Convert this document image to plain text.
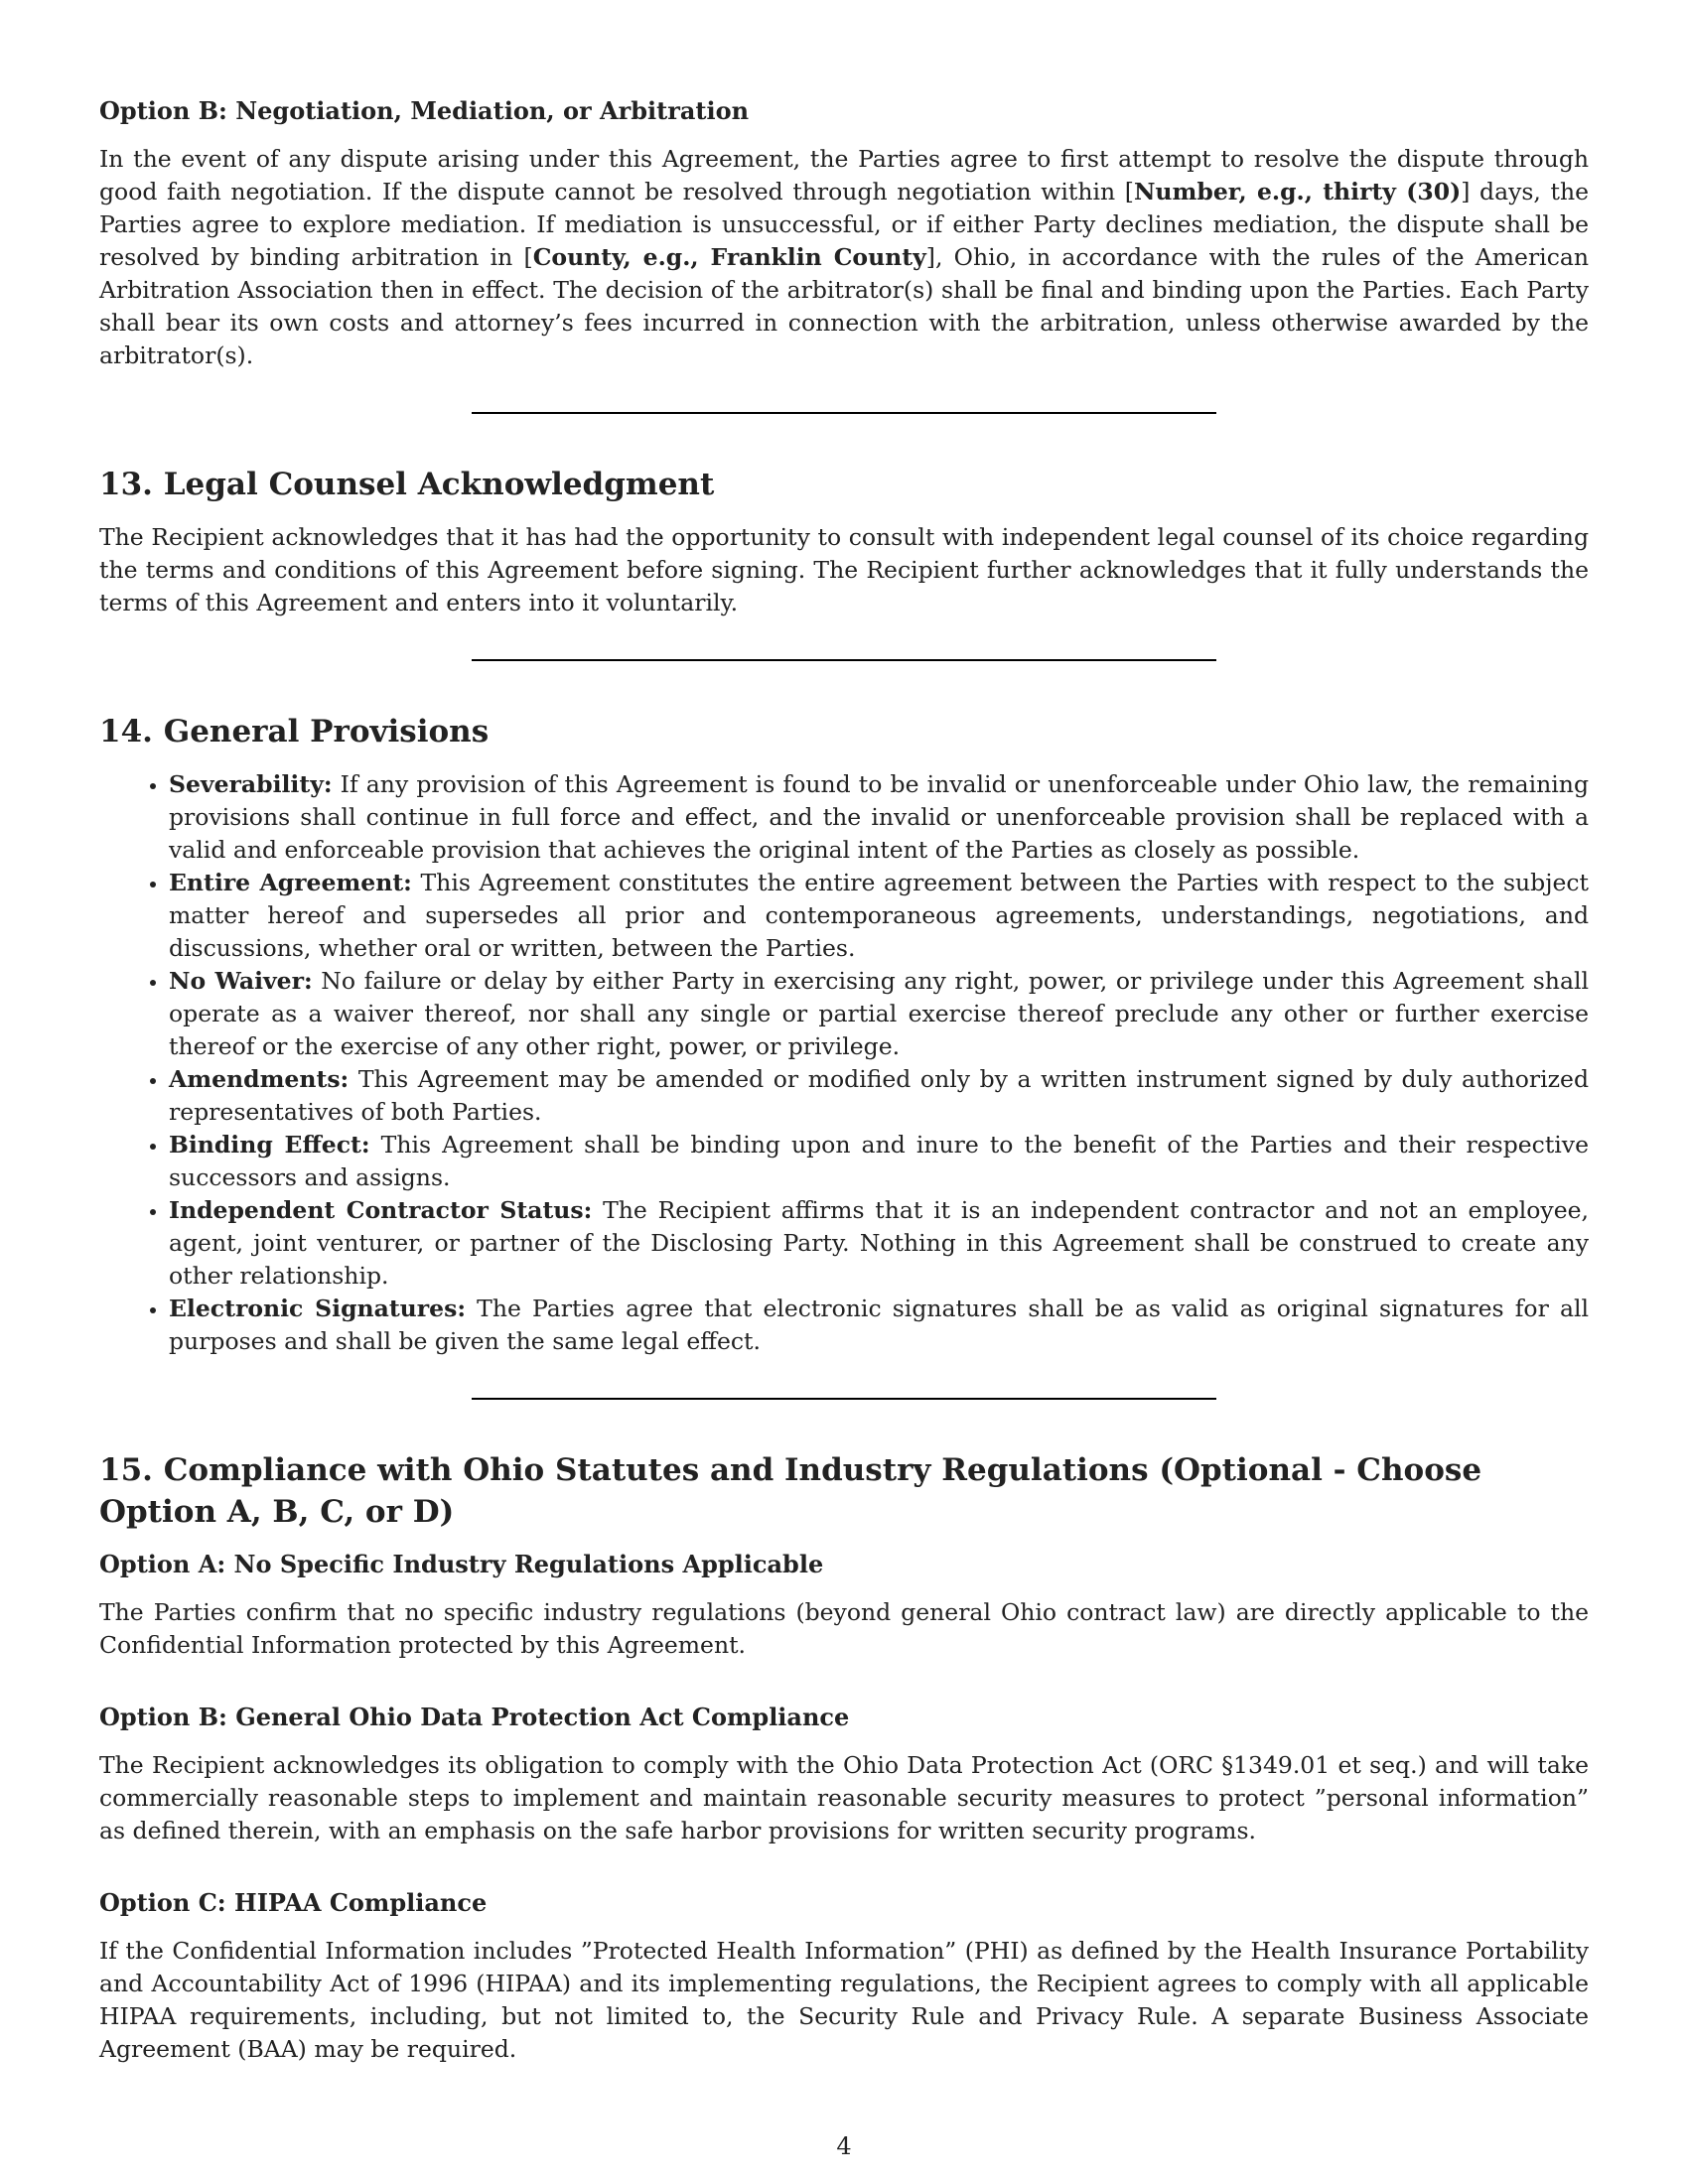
Option B: Negotiation, Mediation, or Arbitration

In the event of any dispute arising under this Agreement, the Parties agree to first attempt to resolve the dispute through good faith negotiation. If the dispute cannot be resolved through negotiation within [Number, e.g., thirty (30)] days, the Parties agree to explore mediation. If mediation is unsuccessful, or if either Party declines mediation, the dispute shall be resolved by binding arbitration in [County, e.g., Franklin County], Ohio, in accordance with the rules of the American Arbitration Association then in effect. The decision of the arbitrator(s) shall be final and binding upon the Parties. Each Party shall bear its own costs and attorney’s fees incurred in connection with the arbitration, unless otherwise awarded by the arbitrator(s).

13. Legal Counsel Acknowledgment

The Recipient acknowledges that it has had the opportunity to consult with independent legal counsel of its choice regarding the terms and conditions of this Agreement before signing. The Recipient further acknowledges that it fully understands the terms of this Agreement and enters into it voluntarily.

14. General Provisions
• Severability: If any provision of this Agreement is found to be invalid or unenforceable under Ohio law, the remaining provisions shall continue in full force and effect, and the invalid or unenforceable provision shall be replaced with a valid and enforceable provision that achieves the original intent of the Parties as closely as possible.
• Entire Agreement: This Agreement constitutes the entire agreement between the Parties with respect to the subject matter hereof and supersedes all prior and contemporaneous agreements, understandings, negotiations, and discussions, whether oral or written, between the Parties.
• No Waiver: No failure or delay by either Party in exercising any right, power, or privilege under this Agreement shall operate as a waiver thereof, nor shall any single or partial exercise thereof preclude any other or further exercise thereof or the exercise of any other right, power, or privilege.
• Amendments: This Agreement may be amended or modified only by a written instrument signed by duly authorized representatives of both Parties.
• Binding Effect: This Agreement shall be binding upon and inure to the benefit of the Parties and their respective successors and assigns.
• Independent Contractor Status: The Recipient affirms that it is an independent contractor and not an employee, agent, joint venturer, or partner of the Disclosing Party. Nothing in this Agreement shall be construed to create any other relationship.
• Electronic Signatures: The Parties agree that electronic signatures shall be as valid as original signatures for all purposes and shall be given the same legal effect.
15. Compliance with Ohio Statutes and Industry Regulations (Optional - Choose Option A, B, C, or D)
Option A: No Specific Industry Regulations Applicable

The Parties confirm that no specific industry regulations (beyond general Ohio contract law) are directly applicable to the Confidential Information protected by this Agreement.

Option B: General Ohio Data Protection Act Compliance

The Recipient acknowledges its obligation to comply with the Ohio Data Protection Act (ORC §1349.01 et seq.) and will take commercially reasonable steps to implement and maintain reasonable security measures to protect ”personal information” as defined therein, with an emphasis on the safe harbor provisions for written security programs.

Option C: HIPAA Compliance

If the Confidential Information includes ”Protected Health Information” (PHI) as defined by the Health Insurance Portability and Accountability Act of 1996 (HIPAA) and its implementing regulations, the Recipient agrees to comply with all applicable HIPAA requirements, including, but not limited to, the Security Rule and Privacy Rule. A separate Business Associate Agreement (BAA) may be required.

4
